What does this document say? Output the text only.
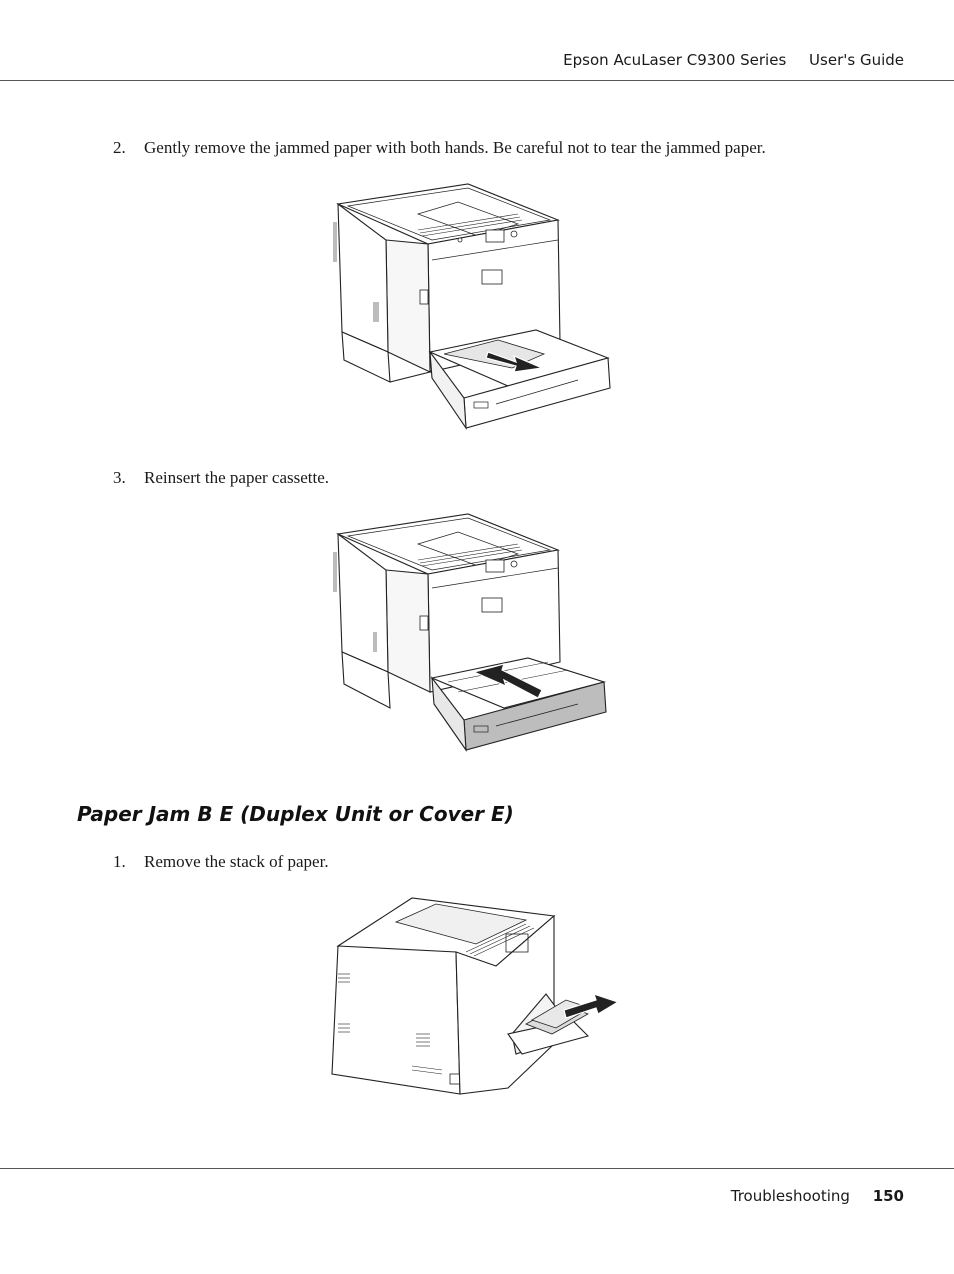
Epson AcuLaser C9300 Series User's Guide
2. Gently remove the jammed paper with both hands. Be careful not to tear the jammed paper.
3. Reinsert the paper cassette.
Paper Jam B E (Duplex Unit or Cover E)
1. Remove the stack of paper.
Troubleshooting 150
